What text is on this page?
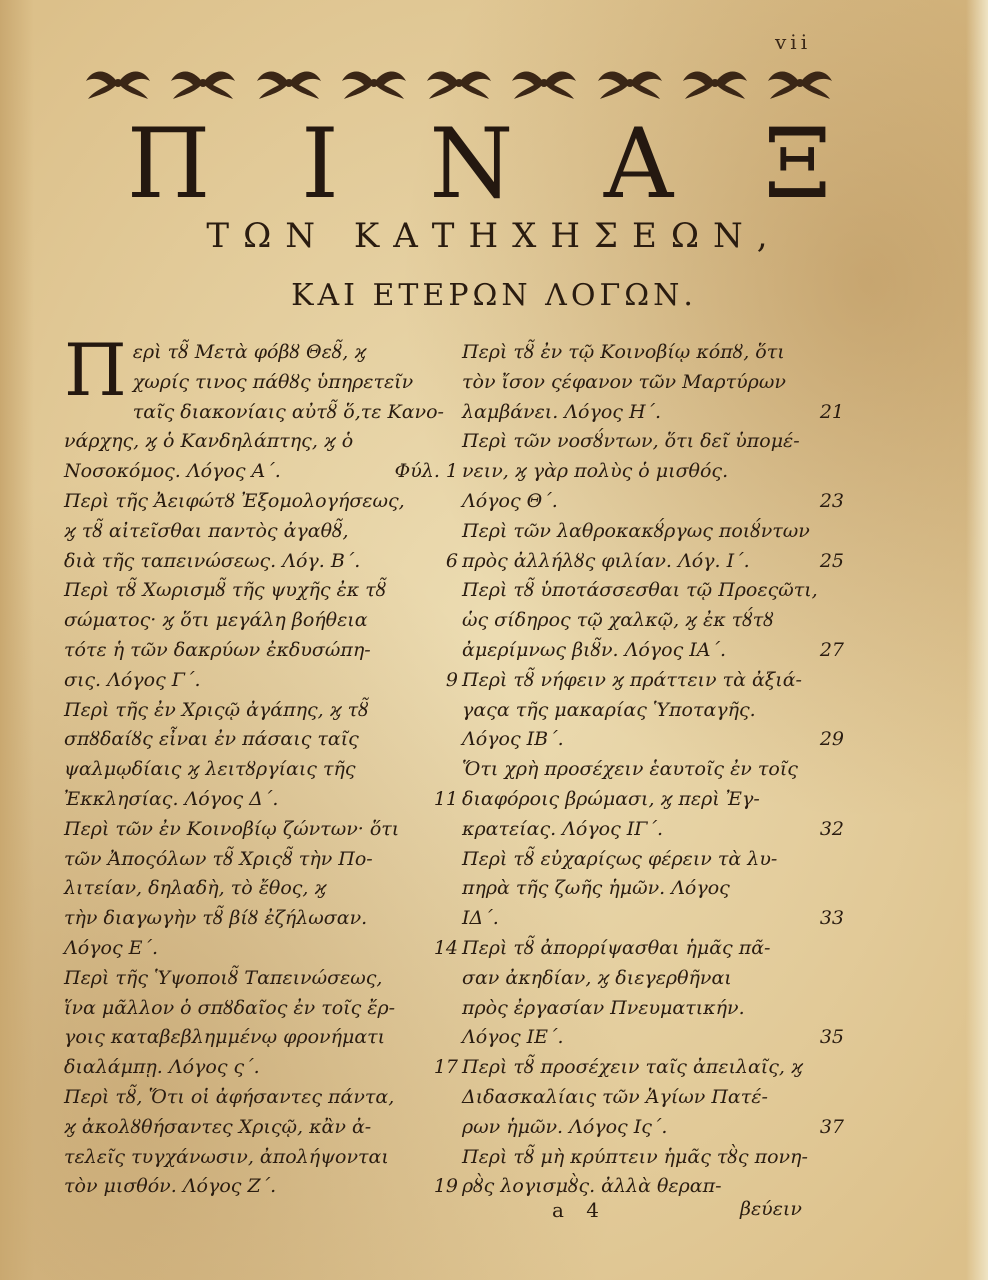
vii
Π Ι Ν Α Ξ
ΤΩΝ ΚΑΤΗΧΗΣΕΩΝ,
ΚΑΙ ΕΤΕΡΩΝ ΛΟΓΩΝ.
Π ερὶ τȣ̃ Μετὰ φόβȣ Θεȣ̃, ϗ
χωρίς τινος πάθȣς ὑπηρετεῖν
ταῖς διακονίαις αὐτȣ̃ ὅ,τε Κανο-
νάρχης, ϗ ὁ Κανδηλάπτης, ϗ ὁ
Νοσοκόμος. Λόγος Α΄.	Φύλ. 1
Περὶ τῆς Ἀειφώτȣ Ἐξομολογήσεως,
ϗ τȣ̃ αἰτεῖσθαι παντὸς ἀγαθȣ̃,
διὰ τῆς ταπεινώσεως. Λόγ. Β΄.	6
Περὶ τȣ̃ Χωρισμȣ̃ τῆς ψυχῆς ἐκ τȣ̃
σώματος· ϗ ὅτι μεγάλη βοήθεια
τότε ἡ τῶν δακρύων ἐκδυσώπη-
σις. Λόγος Γ΄.	9
Περὶ τῆς ἐν Χριςῷ ἀγάπης, ϗ τȣ̃
σπȣδαίȣς εἶναι ἐν πάσαις ταῖς
ψαλμῳδίαις ϗ λειτȣργίαις τῆς
Ἐκκλησίας. Λόγος Δ΄.	11
Περὶ τῶν ἐν Κοινοβίῳ ζώντων· ὅτι
τῶν Ἀποςόλων τȣ̃ Χριςȣ̃ τὴν Πο-
λιτείαν, δηλαδὴ, τὸ ἔθος, ϗ
τὴν διαγωγὴν τȣ̃ βίȣ ἐζήλωσαν.
Λόγος Ε΄.	14
Περὶ τῆς Ὑψοποιȣ̃ Ταπεινώσεως,
ἵνα μᾶλλον ὁ σπȣδαῖος ἐν τοῖς ἔρ-
γοις καταβεβλημμένῳ φρονήματι
διαλάμπῃ. Λόγος ς΄.	17
Περὶ τȣ̃, Ὅτι οἱ ἀφήσαντες πάντα,
ϗ ἀκολȣθήσαντες Χριςῷ, κἂν ἀ-
τελεῖς τυγχάνωσιν, ἀπολήψονται
τὸν μισθόν. Λόγος Ζ΄.	19
Περὶ τȣ̃ ἐν τῷ Κοινοβίῳ κόπȣ, ὅτι
τὸν ἴσον ςέφανον τῶν Μαρτύρων
λαμβάνει. Λόγος Η΄.	21
Περὶ τῶν νοσȣ́ντων, ὅτι δεῖ ὑπομέ-
νειν, ϗ γὰρ πολὺς ὁ μισθός.
Λόγος Θ΄.	23
Περὶ τῶν λαθροκακȣ́ργως ποιȣ́ντων
πρὸς ἀλλήλȣς φιλίαν. Λόγ. Ι΄.	25
Περὶ τȣ̃ ὑποτάσσεσθαι τῷ Προεςῶτι,
ὡς σίδηρος τῷ χαλκῷ, ϗ ἐκ τȣ́τȣ
ἀμερίμνως βιȣ̃ν. Λόγος ΙΑ΄.	27
Περὶ τȣ̃ νήφειν ϗ πράττειν τὰ ἀξιά-
γαςα τῆς μακαρίας Ὑποταγῆς.
Λόγος ΙΒ΄.	29
Ὅτι χρὴ προσέχειν ἑαυτοῖς ἐν τοῖς
διαφόροις βρώμασι, ϗ περὶ Ἐγ-
κρατείας. Λόγος ΙΓ΄.	32
Περὶ τȣ̃ εὐχαρίςως φέρειν τὰ λυ-
πηρὰ τῆς ζωῆς ἡμῶν. Λόγος
ΙΔ΄.	33
Περὶ τȣ̃ ἀπορρίψασθαι ἡμᾶς πᾶ-
σαν ἀκηδίαν, ϗ διεγερθῆναι
πρὸς ἐργασίαν Πνευματικήν.
Λόγος ΙΕ΄.	35
Περὶ τȣ̃ προσέχειν ταῖς ἀπειλαῖς, ϗ
Διδασκαλίαις τῶν Ἁγίων Πατέ-
ρων ἡμῶν. Λόγος Ις΄.	37
Περὶ τȣ̃ μὴ κρύπτειν ἡμᾶς τȣ̀ς πονη-
ρȣ̀ς λογισμȣ̀ς. ἀλλὰ θεραπ-
a 4	βεύειν
